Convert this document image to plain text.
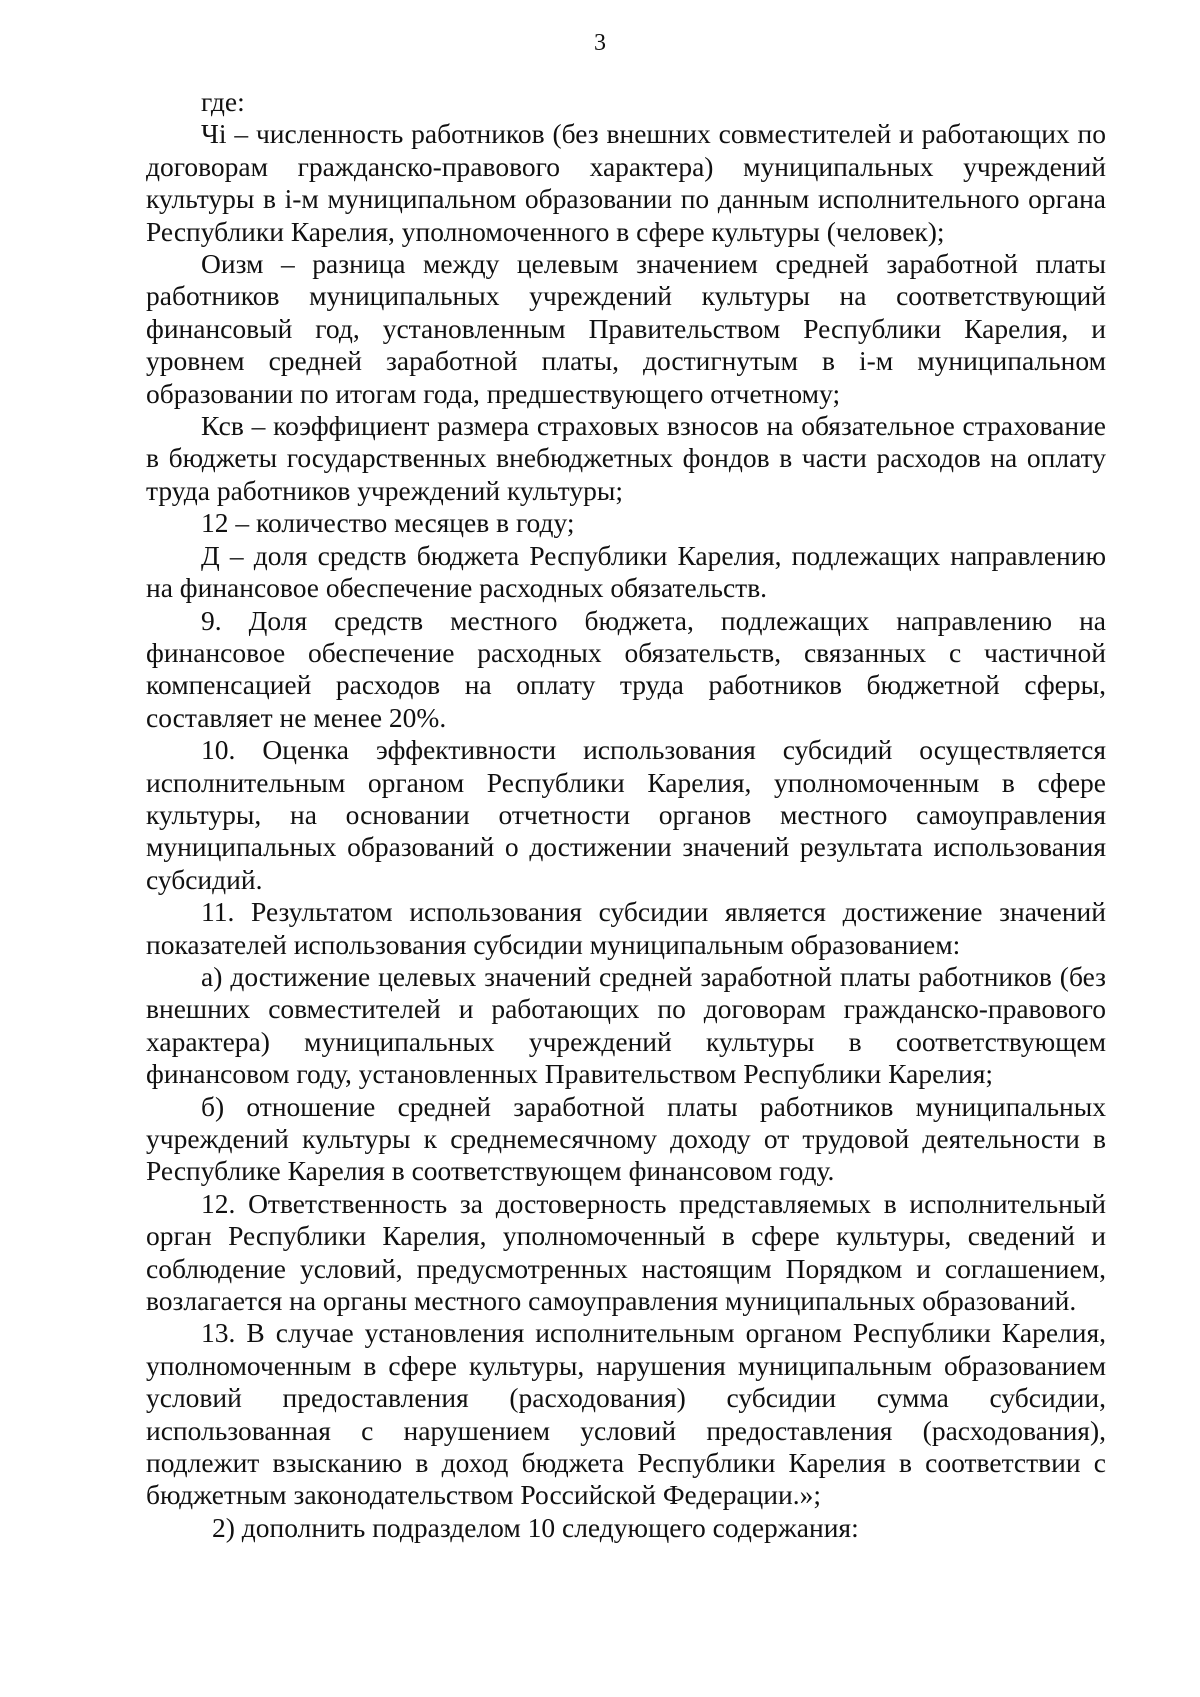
3

где:

Чi – численность работников (без внешних совместителей и работающих по договорам гражданско-правового характера) муниципальных учреждений культуры в i-м муниципальном образовании по данным исполнительного органа Республики Карелия, уполномоченного в сфере культуры (человек);

Оизм – разница между целевым значением средней заработной платы работников муниципальных учреждений культуры на соответствующий финансовый год, установленным Правительством Республики Карелия, и уровнем средней заработной платы, достигнутым в i-м муниципальном образовании по итогам года, предшествующего отчетному;

Ксв – коэффициент размера страховых взносов на обязательное страхование в бюджеты государственных внебюджетных фондов в части расходов на оплату труда работников учреждений культуры;

12 – количество месяцев в году;

Д – доля средств бюджета Республики Карелия, подлежащих направлению на финансовое обеспечение расходных обязательств.

9. Доля средств местного бюджета, подлежащих направлению на финансовое обеспечение расходных обязательств, связанных с частичной компенсацией расходов на оплату труда работников бюджетной сферы, составляет не менее 20%.

10. Оценка эффективности использования субсидий осуществляется исполнительным органом Республики Карелия, уполномоченным в сфере культуры, на основании отчетности органов местного самоуправления муниципальных образований о достижении значений результата использования субсидий.

11. Результатом использования субсидии является достижение значений показателей использования субсидии муниципальным образованием:

а) достижение целевых значений средней заработной платы работников (без внешних совместителей и работающих по договорам гражданско-правового характера) муниципальных учреждений культуры в соответствующем финансовом году, установленных Правительством Республики Карелия;

б) отношение средней заработной платы работников муниципальных учреждений культуры к среднемесячному доходу от трудовой деятельности в Республике Карелия в соответствующем финансовом году.

12. Ответственность за достоверность представляемых в исполнительный орган Республики Карелия, уполномоченный в сфере культуры, сведений и соблюдение условий, предусмотренных настоящим Порядком и соглашением, возлагается на органы местного самоуправления муниципальных образований.

13. В случае установления исполнительным органом Республики Карелия, уполномоченным в сфере культуры, нарушения муниципальным образованием условий предоставления (расходования) субсидии сумма субсидии, использованная с нарушением условий предоставления (расходования), подлежит взысканию в доход бюджета Республики Карелия в соответствии с бюджетным законодательством Российской Федерации.»;

2) дополнить подразделом 10 следующего содержания:
